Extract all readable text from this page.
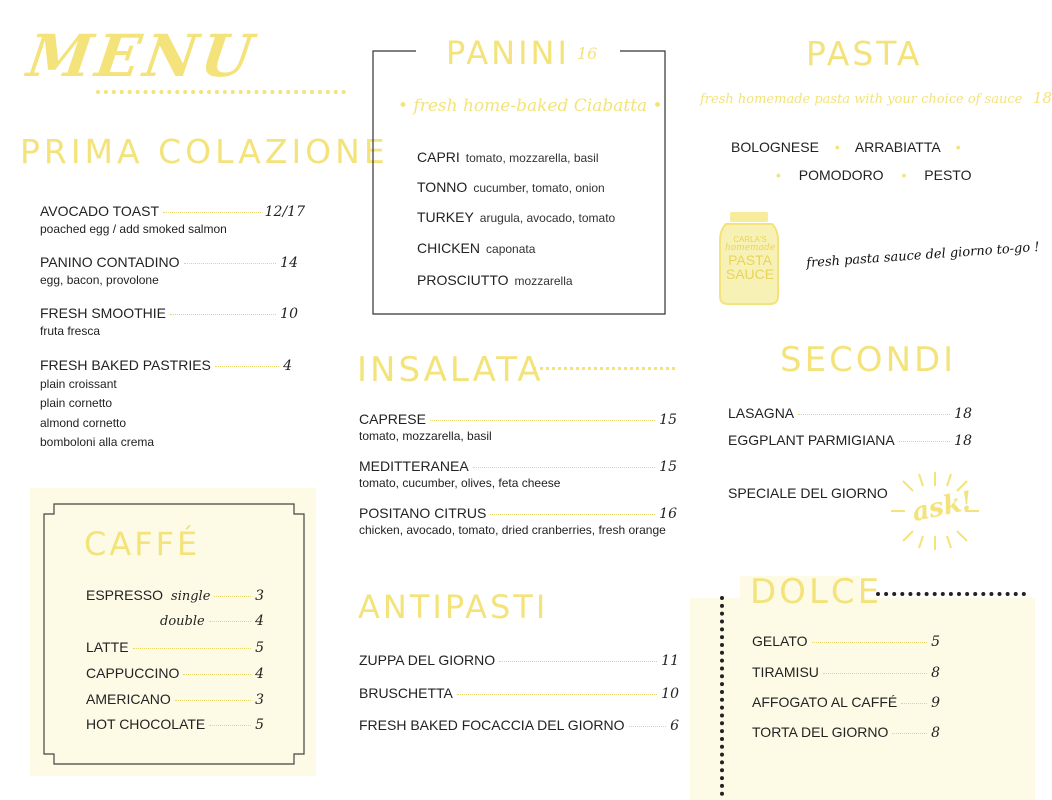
MENU
PRIMA COLAZIONE
AVOCADO TOAST	12/17
poached egg / add smoked salmon
PANINO CONTADINO	14
egg, bacon, provolone
FRESH SMOOTHIE	10
fruta fresca
FRESH BAKED PASTRIES	4
plain croissant
plain cornetto
almond cornetto
bomboloni alla crema
CAFFÉ
ESPRESSO single	3
double	4
LATTE	5
CAPPUCCINO	4
AMERICANO	3
HOT CHOCOLATE	5
PANINI 16
• fresh home-baked Ciabatta •
CAPRI tomato, mozzarella, basil
TONNO cucumber, tomato, onion
TURKEY arugula, avocado, tomato
CHICKEN caponata
PROSCIUTTO mozzarella
INSALATA
CAPRESE	15
tomato, mozzarella, basil
MEDITTERANEA	15
tomato, cucumber, olives, feta cheese
POSITANO CITRUS	16
chicken, avocado, tomato, dried cranberries, fresh orange
ANTIPASTI
ZUPPA DEL GIORNO	11
BRUSCHETTA	10
FRESH BAKED FOCACCIA DEL GIORNO	6
PASTA
fresh homemade pasta with your choice of sauce 18
BOLOGNESE • ARRABIATTA •
• POMODORO • PESTO
CARLA'S
homemade
PASTA
SAUCE
fresh pasta sauce del giorno to-go !
SECONDI
LASAGNA	18
EGGPLANT PARMIGIANA	18
SPECIALE DEL GIORNO ask!
DOLCE
GELATO	5
TIRAMISU	8
AFFOGATO AL CAFFÉ 9
TORTA DEL GIORNO	8
